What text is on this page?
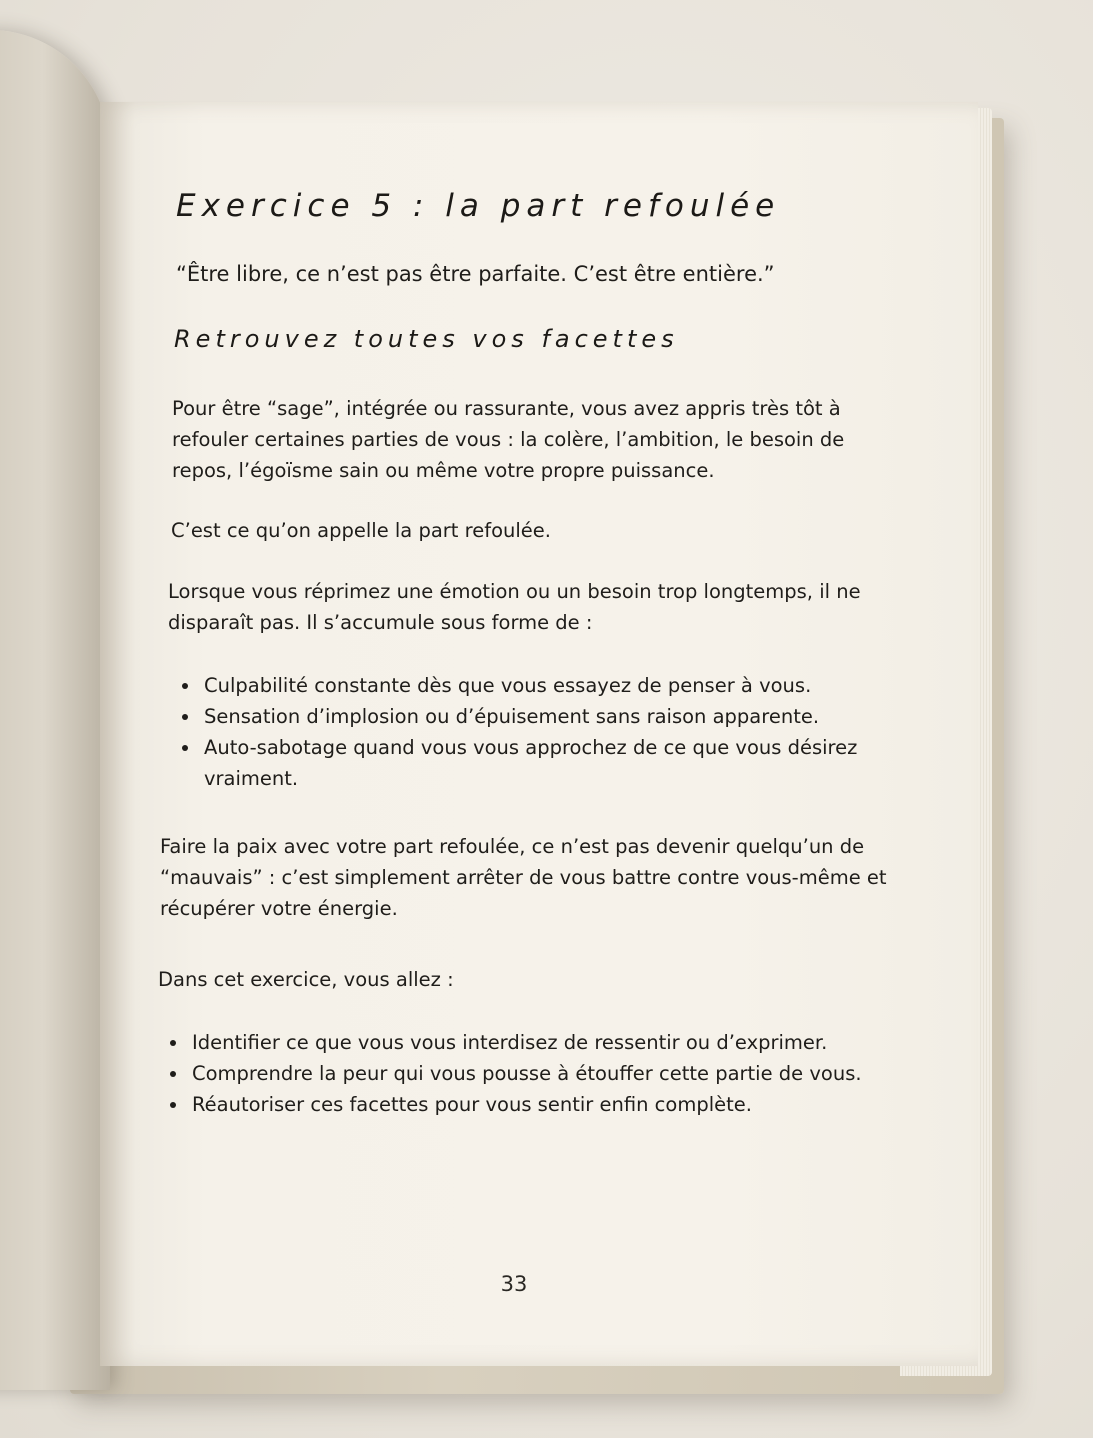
Exercice 5 : la part refoulée
“Être libre, ce n’est pas être parfaite. C’est être entière.”
Retrouvez toutes vos facettes
Pour être “sage”, intégrée ou rassurante, vous avez appris très tôt à refouler certaines parties de vous : la colère, l’ambition, le besoin de repos, l’égoïsme sain ou même votre propre puissance.
C’est ce qu’on appelle la part refoulée.
Lorsque vous réprimez une émotion ou un besoin trop longtemps, il ne disparaît pas. Il s’accumule sous forme de :
Culpabilité constante dès que vous essayez de penser à vous.
Sensation d’implosion ou d’épuisement sans raison apparente.
Auto-sabotage quand vous vous approchez de ce que vous désirez vraiment.
Faire la paix avec votre part refoulée, ce n’est pas devenir quelqu’un de “mauvais” : c’est simplement arrêter de vous battre contre vous-même et récupérer votre énergie.
Dans cet exercice, vous allez :
Identifier ce que vous vous interdisez de ressentir ou d’exprimer.
Comprendre la peur qui vous pousse à étouffer cette partie de vous.
Réautoriser ces facettes pour vous sentir enfin complète.
33
